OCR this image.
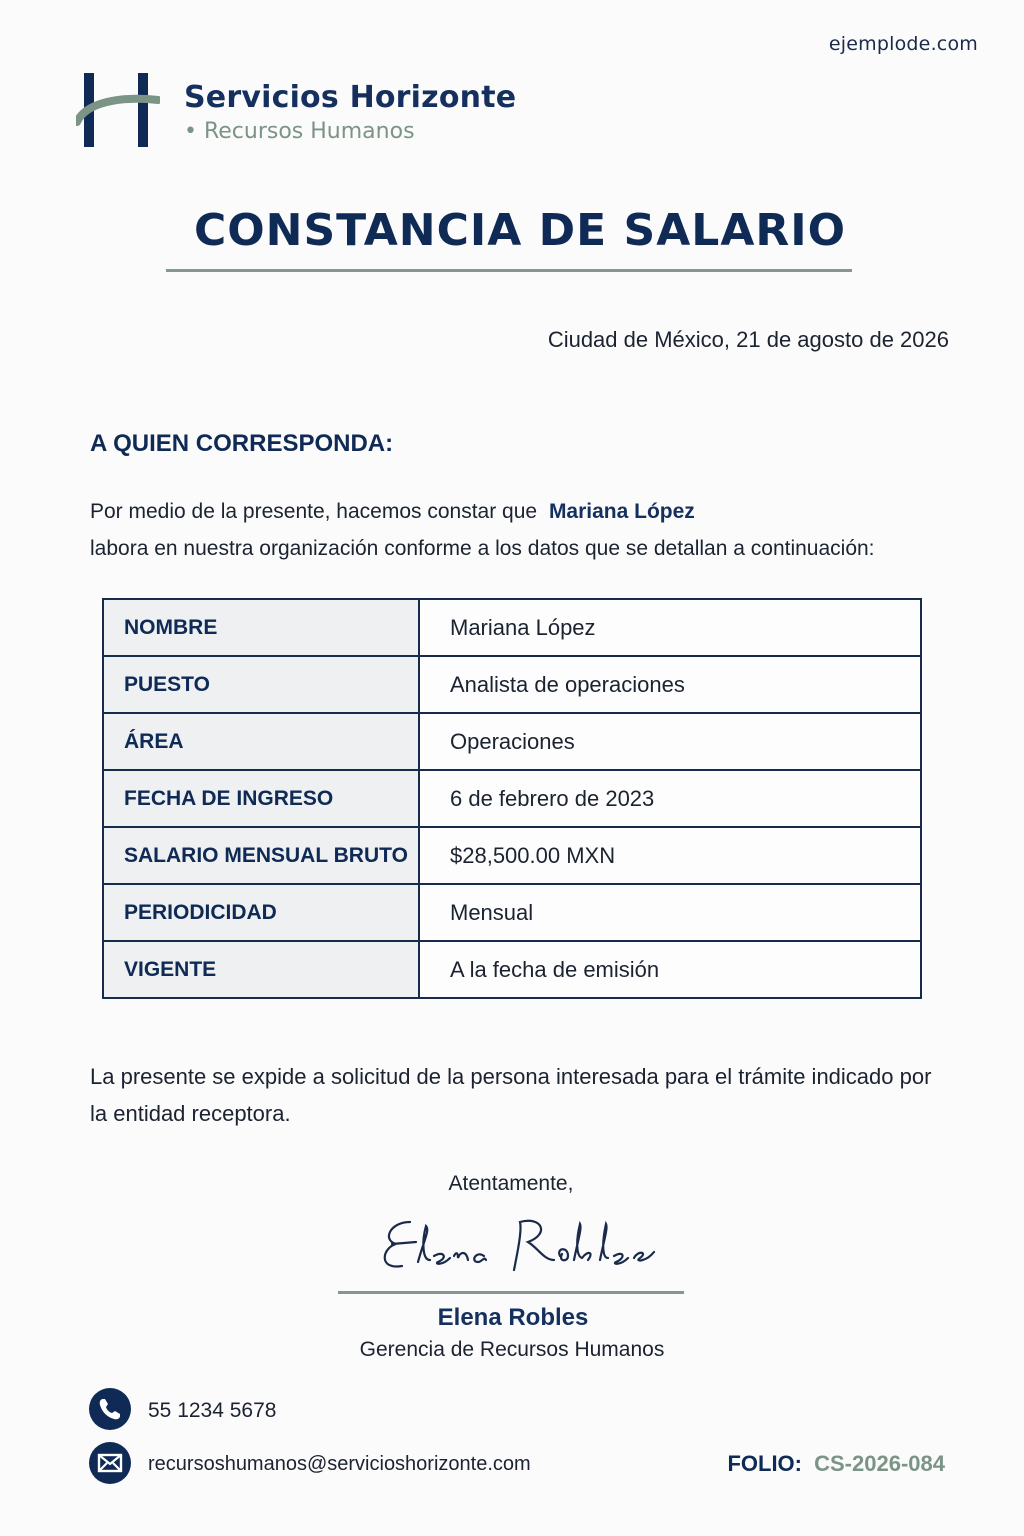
ejemplode.com
Servicios Horizonte
• Recursos Humanos
CONSTANCIA DE SALARIO
Ciudad de México, 21 de agosto de 2026
A QUIEN CORRESPONDA:
Por medio de la presente, hacemos constar que Mariana López
labora en nuestra organización conforme a los datos que se detallan a continuación:
NOMBRE	Mariana López
PUESTO	Analista de operaciones
ÁREA	Operaciones
FECHA DE INGRESO	6 de febrero de 2023
SALARIO MENSUAL BRUTO	$28,500.00 MXN
PERIODICIDAD	Mensual
VIGENTE	A la fecha de emisión
La presente se expide a solicitud de la persona interesada para el trámite indicado por la entidad receptora.
Atentamente,
Elena Robles
Gerencia de Recursos Humanos
55 1234 5678
recursoshumanos@servicioshorizonte.com	FOLIO: CS-2026-084
